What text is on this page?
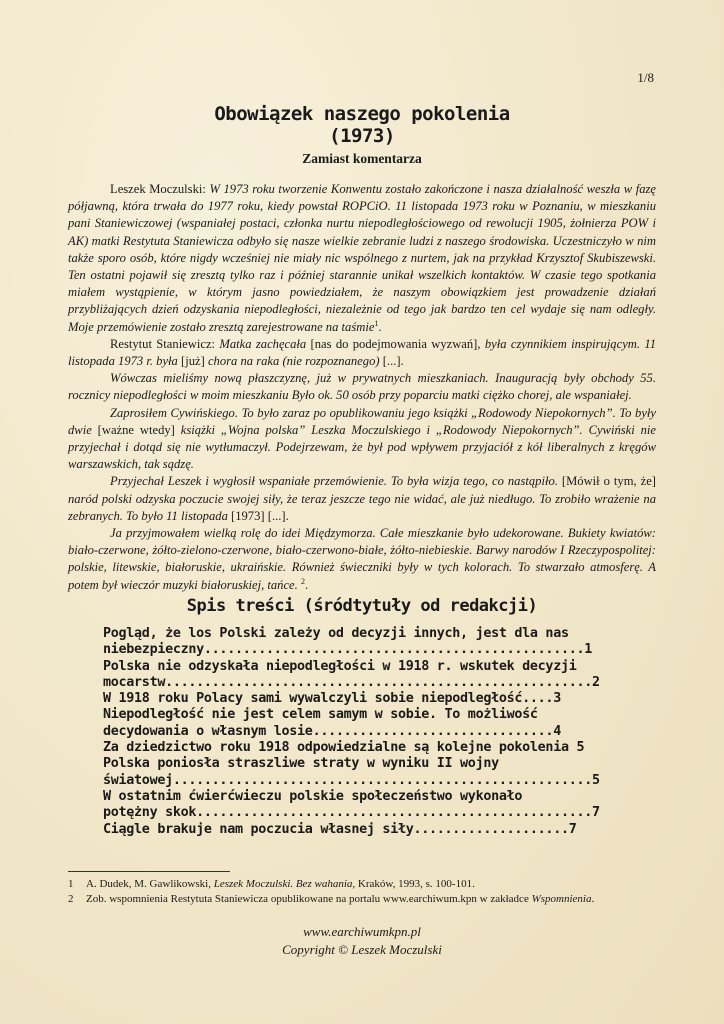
1/8
Obowiązek naszego pokolenia
(1973)
Zamiast komentarza

Leszek Moczulski: W 1973 roku tworzenie Konwentu zostało zakończone i nasza działalność weszła w fazę półjawną, która trwała do 1977 roku, kiedy powstał ROPCiO. 11 listopada 1973 roku w Poznaniu, w mieszkaniu pani Staniewiczowej (wspaniałej postaci, członka nurtu niepodległościowego od rewolucji 1905, żołnierza POW i AK) matki Restytuta Staniewicza odbyło się nasze wielkie zebranie ludzi z naszego środowiska. Uczestniczyło w nim także sporo osób, które nigdy wcześniej nie miały nic wspólnego z nurtem, jak na przykład Krzysztof Skubiszewski. Ten ostatni pojawił się zresztą tylko raz i później starannie unikał wszelkich kontaktów. W czasie tego spotkania miałem wystąpienie, w którym jasno powiedziałem, że naszym obowiązkiem jest prowadzenie działań przybliżających dzień odzyskania niepodległości, niezależnie od tego jak bardzo ten cel wydaje się nam odległy. Moje przemówienie zostało zresztą zarejestrowane na taśmie$^1$.

Restytut Staniewicz: Matka zachęcała [nas do podejmowania wyzwań], była czynnikiem inspirującym. 11 listopada 1973 r. była [już] chora na raka (nie rozpoznanego) [...].

Wówczas mieliśmy nową płaszczyznę, już w prywatnych mieszkaniach. Inauguracją były obchody 55. rocznicy niepodległości w moim mieszkaniu Było ok. 50 osób przy poparciu matki ciężko chorej, ale wspaniałej.

Zaprosiłem Cywińskiego. To było zaraz po opublikowaniu jego książki „Rodowody Niepokornych”. To były dwie [ważne wtedy] książki „Wojna polska” Leszka Moczulskiego i „Rodowody Niepokornych”. Cywiński nie przyjechał i dotąd się nie wytłumaczył. Podejrzewam, że był pod wpływem przyjaciół z kół liberalnych z kręgów warszawskich, tak sądzę.

Przyjechał Leszek i wygłosił wspaniałe przemówienie. To była wizja tego, co nastąpiło. [Mówił o tym, że] naród polski odzyska poczucie swojej siły, że teraz jeszcze tego nie widać, ale już niedługo. To zrobiło wrażenie na zebranych. To było 11 listopada [1973] [...].

Ja przyjmowałem wielką rolę do idei Międzymorza. Całe mieszkanie było udekorowane. Bukiety kwiatów: biało-czerwone, żółto-zielono-czerwone, biało-czerwono-białe, żółto-niebieskie. Barwy narodów I Rzeczypospolitej: polskie, litewskie, białoruskie, ukraińskie. Również świeczniki były w tych kolorach. To stwarzało atmosferę. A potem był wieczór muzyki białoruskiej, tańce. $^2$.

Spis treści (śródtytuły od redakcji)
Pogląd, że los Polski zależy od decyzji innych, jest dla nas
niebezpieczny.................................................1
Polska nie odzyskała niepodległości w 1918 r. wskutek decyzji
mocarstw.......................................................2
W 1918 roku Polacy sami wywalczyli sobie niepodległość....3
Niepodległość nie jest celem samym w sobie. To możliwość
decydowania o własnym losie...............................4
Za dziedzictwo roku 1918 odpowiedzialne są kolejne pokolenia 5
Polska poniosła straszliwe straty w wyniku II wojny
światowej......................................................5
W ostatnim ćwierćwieczu polskie społeczeństwo wykonało
potężny skok...................................................7
Ciągle brakuje nam poczucia własnej siły....................7
1 A. Dudek, M. Gawlikowski, Leszek Moczulski. Bez wahania, Kraków, 1993, s. 100-101.
2 Zob. wspomnienia Restytuta Staniewicza opublikowane na portalu www.earchiwum.kpn w zakładce Wspomnienia.
www.earchiwumkpn.pl
Copyright © Leszek Moczulski
